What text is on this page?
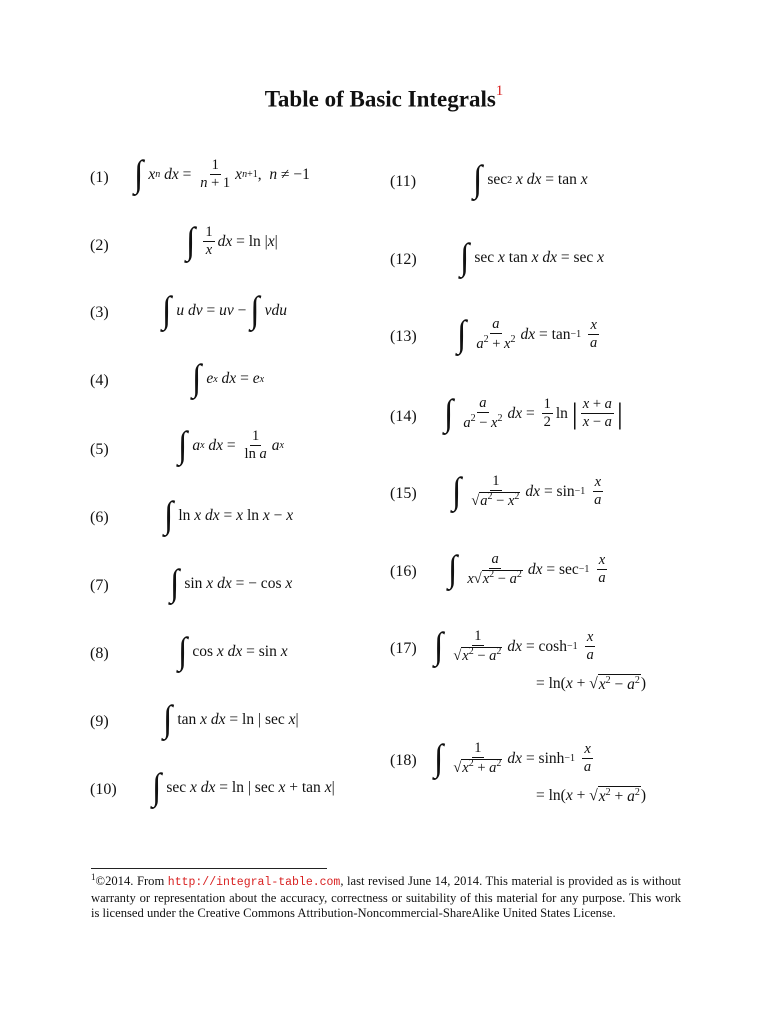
Table of Basic Integrals$^1$
(1) ∫ x n
dx = $\frac{1}{n + 1}$ x n+1 , n ≠ −1
(2) ∫ $\frac{1}{x}$ dx = ln | x |
(3) ∫ u
dv = uv − ∫ vdu
(4) ∫ e x
dx = e x
(5) ∫ a x
dx = $\frac{1}{\text{ln a}}$ a x
(6) ∫ ln x
dx = x ln x − x
(7) ∫ sin x
dx = − cos x
(8) ∫ cos x
dx = sin x
(9) ∫ tan x
dx = ln | sec x |
(10) ∫ sec x
dx = ln | sec x + tan x |
(11) ∫ sec 2
x
dx = tan x
(12) ∫ sec x tan x
dx = sec x
(13) ∫ $\frac{a}{a^2 + x^2}$ dx = tan −1
$\frac{x}{a}$
(14) ∫ $\frac{a}{a^2 - x^2}$ dx = $\frac{1}{2}$ ln | $\frac{x + a}{x - a}$ |
(15) ∫ $\frac{1}{√a^2 - x^2}$ dx = sin −1
$\frac{x}{a}$
(16) ∫ $\frac{a}{x√x^2 - a^2}$ dx = sec −1
$\frac{x}{a}$
(17) ∫ $\frac{1}{√x^2 - a^2}$ dx = cosh −1
$\frac{x}{a}$
= ln( x + √ $x^2 - a^2$ )
(18) ∫ $\frac{1}{√x^2 + a^2}$ dx = sinh −1
$\frac{x}{a}$
= ln( x + √ $x^2 + a^2$ )
$^1$©2014. From http://integral-table.com, last revised June 14, 2014. This material is provided as is without warranty or representation about the accuracy, correctness or suitability of this material for any purpose. This work is licensed under the Creative Commons Attribution-Noncommercial-ShareAlike United States License.
